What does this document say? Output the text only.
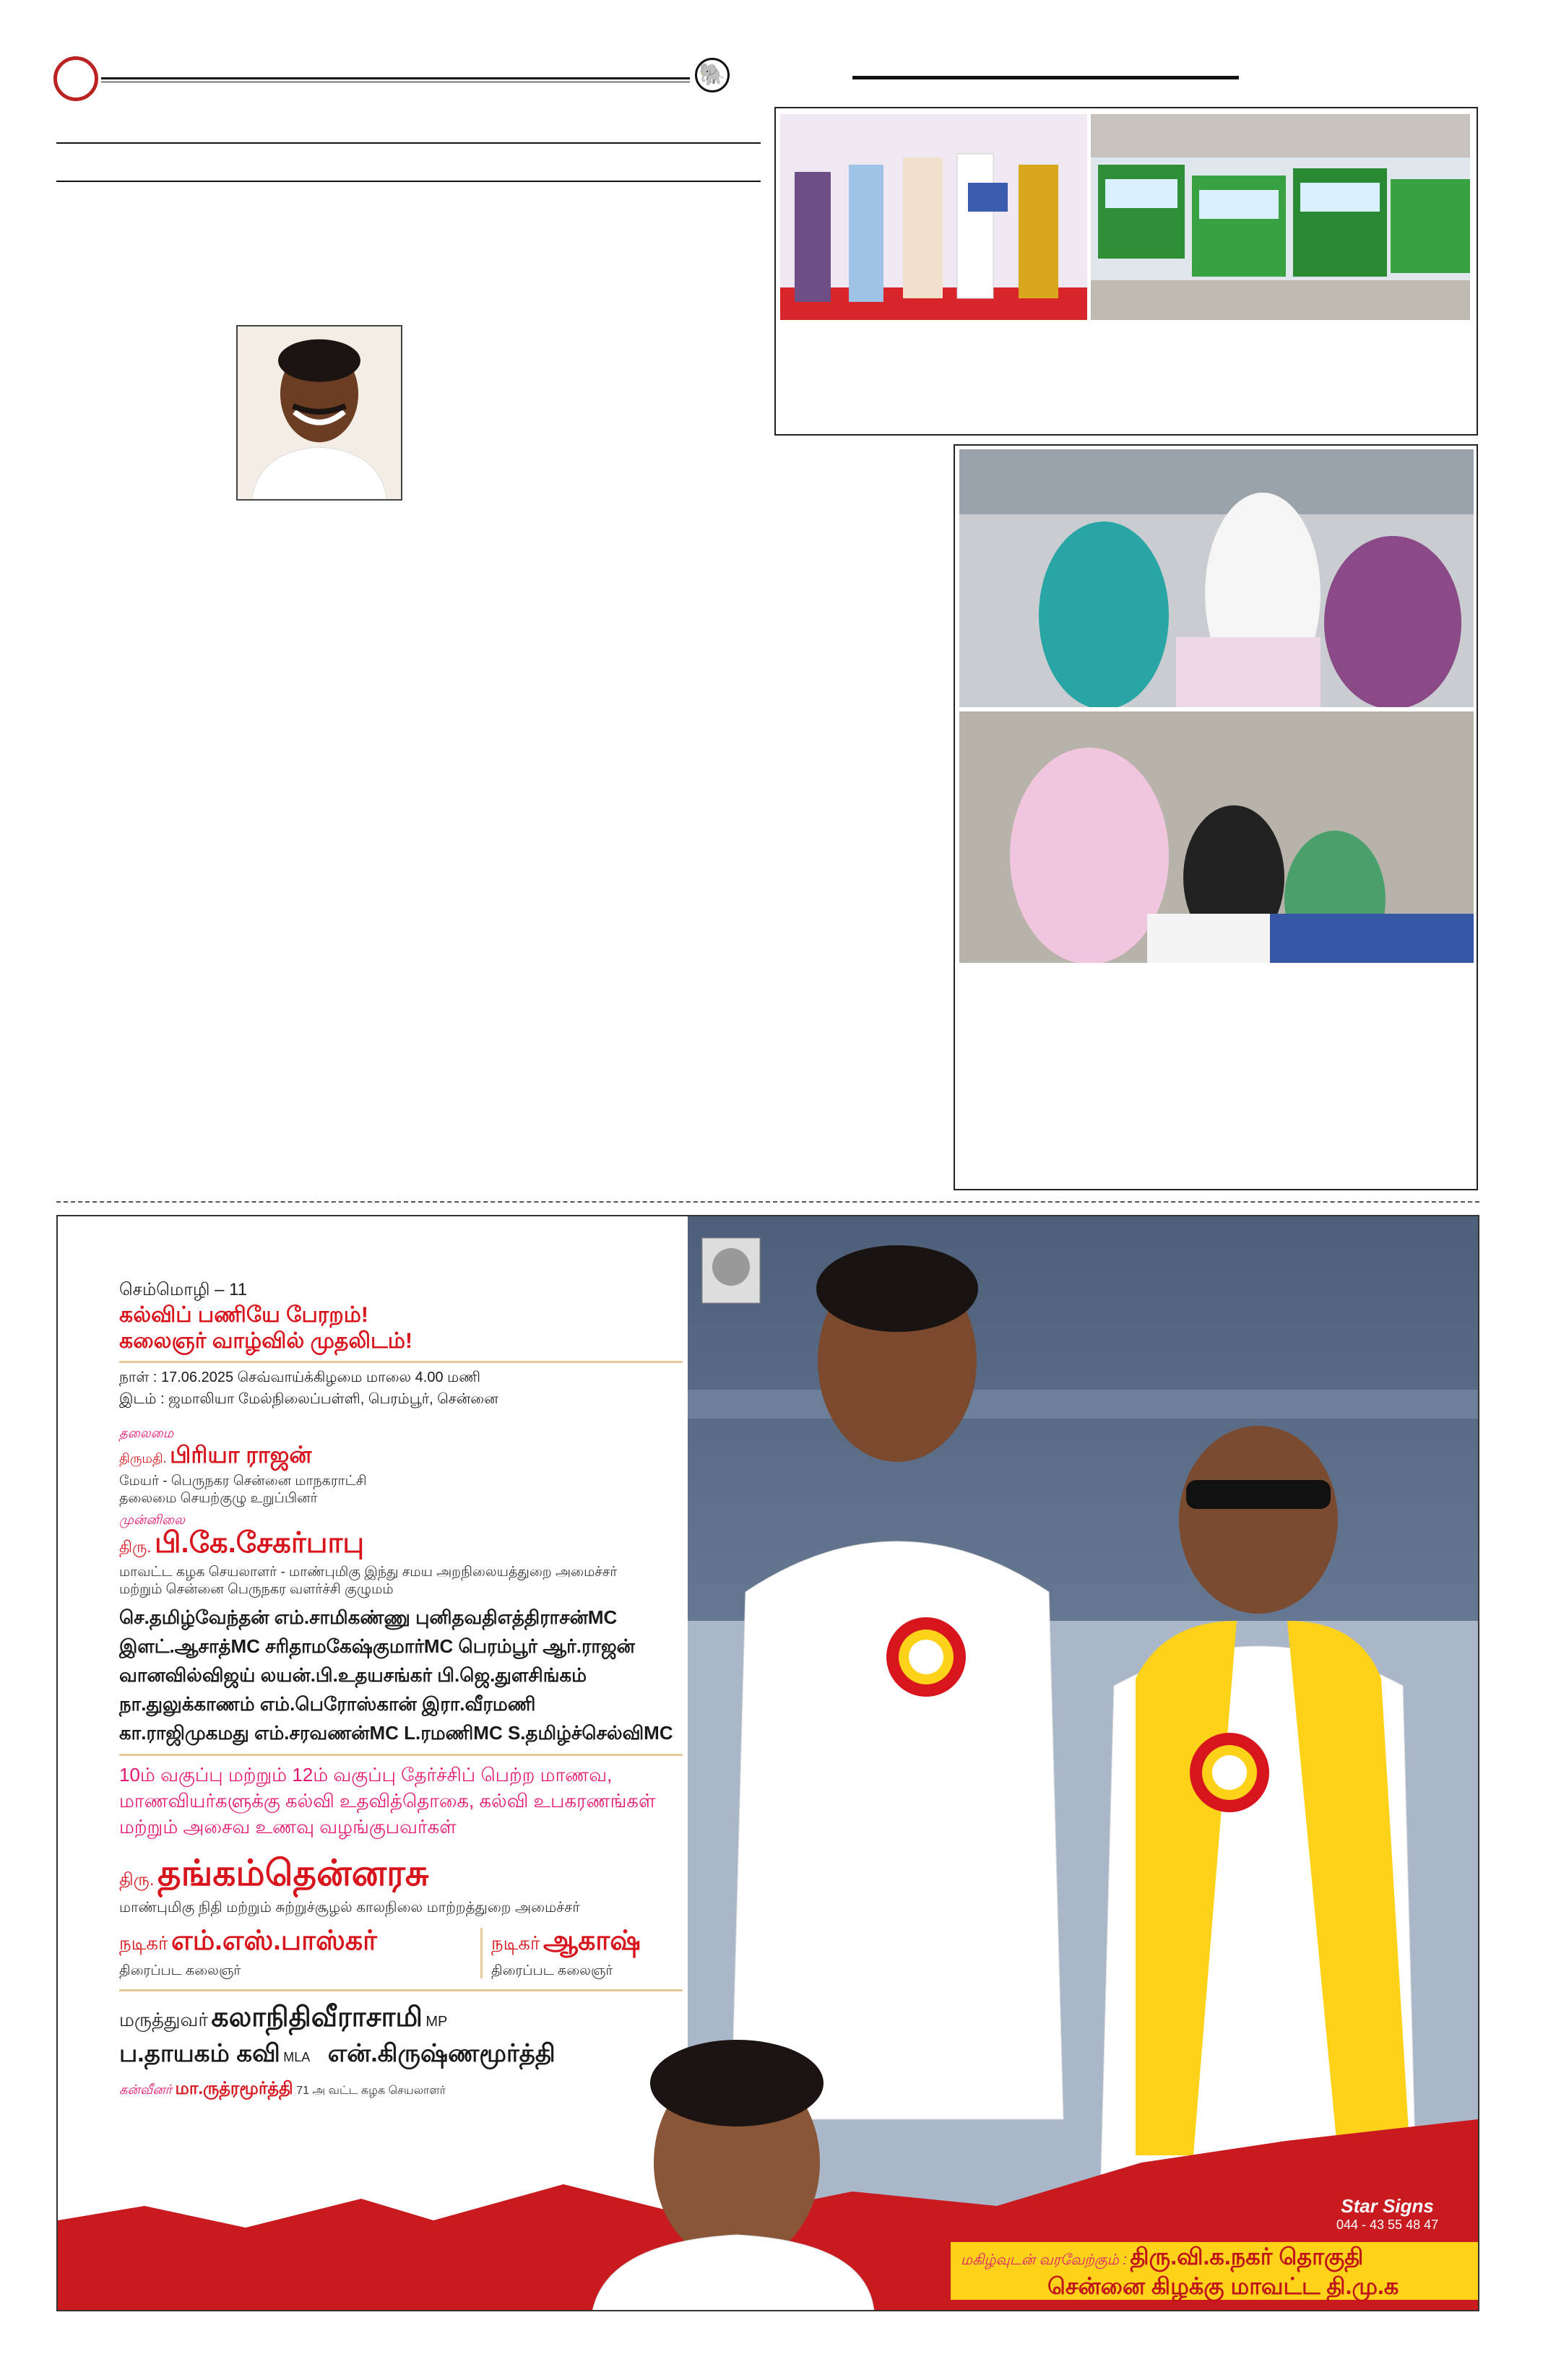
🐘
மகிழ்வுடன் வரவேற்கும் : திரு.வி.க.நகர் தொகுதி
சென்னை கிழக்கு மாவட்ட தி.மு.க
Star Signs
044 - 43 55 48 47
செம்மொழி – 11
கல்விப் பணியே பேரறம்!
கலைஞர் வாழ்வில் முதலிடம்!
நாள் : 17.06.2025 செவ்வாய்க்கிழமை மாலை 4.00 மணி
இடம் : ஜமாலியா மேல்நிலைப்பள்ளி, பெரம்பூர், சென்னை
தலைமை
திருமதி. பிரியா ராஜன்
மேயர் - பெருநகர சென்னை மாநகராட்சி
தலைமை செயற்குழு உறுப்பினர்
முன்னிலை
திரு. பி.கே.சேகர்பாபு
மாவட்ட கழக செயலாளர் - மாண்புமிகு இந்து சமய அறநிலையத்துறை அமைச்சர்
மற்றும் சென்னை பெருநகர வளர்ச்சி குழுமம்
செ.தமிழ்வேந்தன் எம்.சாமிகண்ணு புனிதவதிஎத்திராசன்MC
இளட்.ஆசாத்MC சரிதாமகேஷ்குமார்MC பெரம்பூர் ஆர்.ராஜன்
வானவில்விஜய் லயன்.பி.உதயசங்கர் பி.ஜெ.துளசிங்கம்
நா.துலுக்காணம் எம்.பெரோஸ்கான் இரா.வீரமணி
கா.ராஜிமுகமது எம்.சரவணன்MC L.ரமணிMC S.தமிழ்ச்செல்விMC
10ம் வகுப்பு மற்றும் 12ம் வகுப்பு தேர்ச்சிப் பெற்ற மாணவ,
மாணவியர்களுக்கு கல்வி உதவித்தொகை, கல்வி உபகரணங்கள்
மற்றும் அசைவ உணவு வழங்குபவர்கள்
திரு. தங்கம்தென்னரசு
மாண்புமிகு நிதி மற்றும் சுற்றுச்சூழல் காலநிலை மாற்றத்துறை அமைச்சர்
நடிகர் எம்.எஸ்.பாஸ்கர்
திரைப்பட கலைஞர்
நடிகர் ஆகாஷ்
திரைப்பட கலைஞர்
மருத்துவர் கலாநிதிவீராசாமி MP
ப.தாயகம் கவி MLA என்.கிருஷ்ணமூர்த்தி
கன்வீனர் மா.ருத்ரமூர்த்தி 71 அ வட்ட கழக செயலாளர்
